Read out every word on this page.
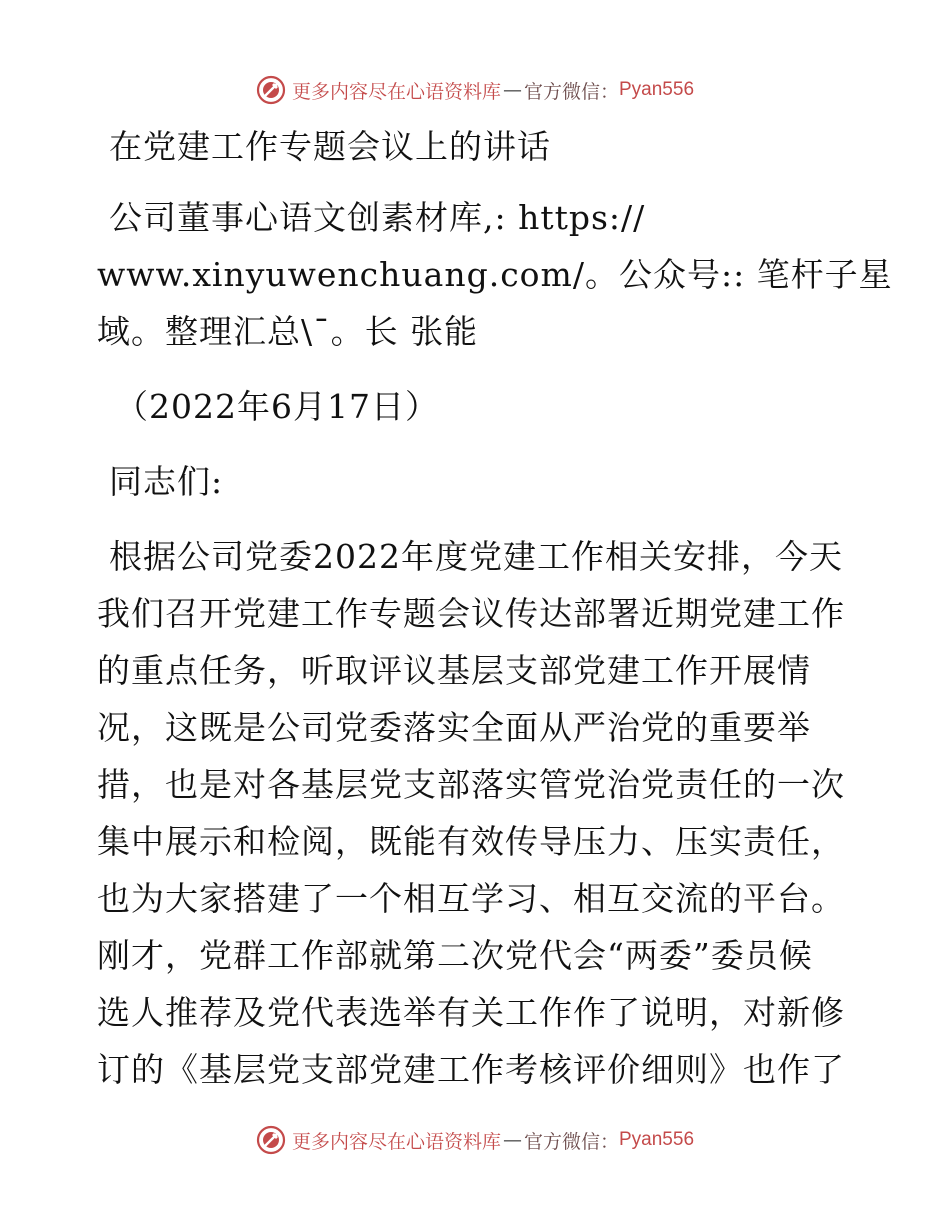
更多内容尽在心语资料库 — 官方微信： Pyan556
在党建工作专题会议上的讲话
公司董事心语文创素材库,: https://
www.xinyuwenchuang.com/。公众号:: 笔杆子星
域。整理汇总\¯。长 张能
（2022年6月17日）
同志们:
根据公司党委2022年度党建工作相关安排，今天
我们召开党建工作专题会议传达部署近期党建工作
的重点任务，听取评议基层支部党建工作开展情
况，这既是公司党委落实全面从严治党的重要举
措，也是对各基层党支部落实管党治党责任的一次
集中展示和检阅，既能有效传导压力、压实责任，
也为大家搭建了一个相互学习、相互交流的平台。
刚才，党群工作部就第二次党代会“两委”委员候
选人推荐及党代表选举有关工作作了说明，对新修
订的《基层党支部党建工作考核评价细则》也作了
更多内容尽在心语资料库 — 官方微信： Pyan556
